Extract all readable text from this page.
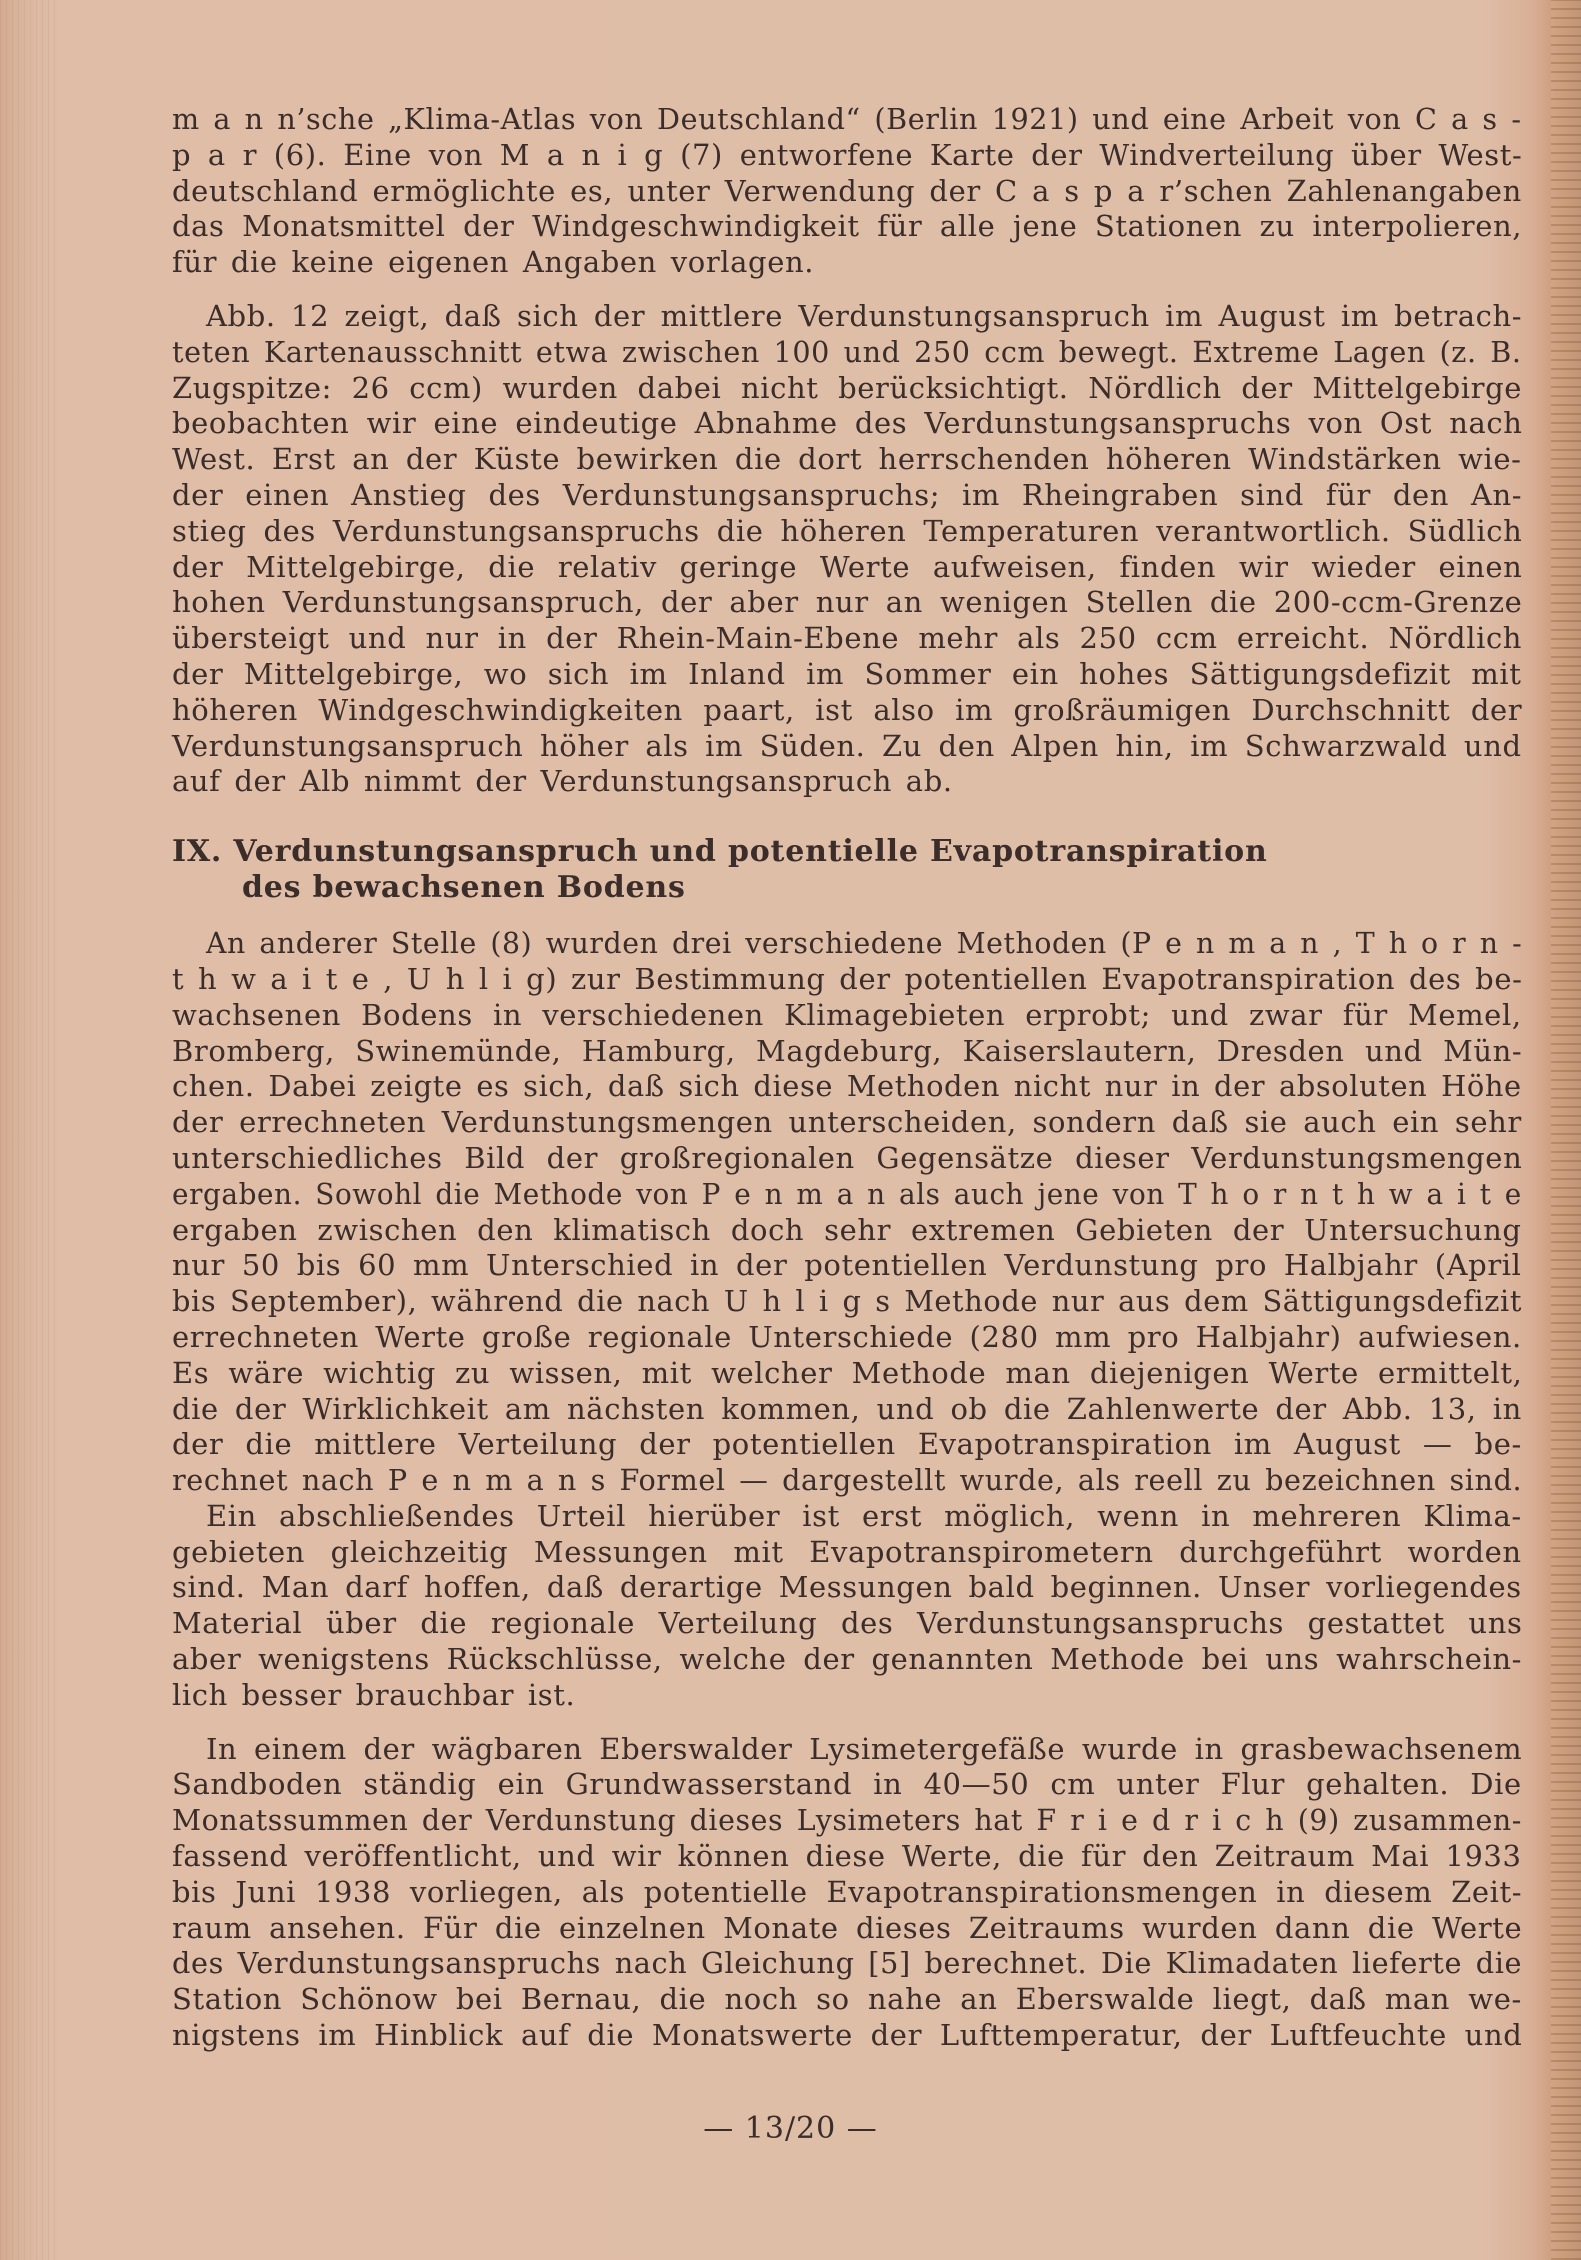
m a n n’sche „Klima-Atlas von Deutschland“ (Berlin 1921) und eine Arbeit von C a s -
p a r (6). Eine von M a n i g (7) entworfene Karte der Windverteilung über West-
deutschland ermöglichte es, unter Verwendung der C a s p a r’schen Zahlenangaben
das Monatsmittel der Windgeschwindigkeit für alle jene Stationen zu interpolieren,
für die keine eigenen Angaben vorlagen.
Abb. 12 zeigt, daß sich der mittlere Verdunstungsanspruch im August im betrach-
teten Kartenausschnitt etwa zwischen 100 und 250 ccm bewegt. Extreme Lagen (z. B.
Zugspitze: 26 ccm) wurden dabei nicht berücksichtigt. Nördlich der Mittelgebirge
beobachten wir eine eindeutige Abnahme des Verdunstungsanspruchs von Ost nach
West. Erst an der Küste bewirken die dort herrschenden höheren Windstärken wie-
der einen Anstieg des Verdunstungsanspruchs; im Rheingraben sind für den An-
stieg des Verdunstungsanspruchs die höheren Temperaturen verantwortlich. Südlich
der Mittelgebirge, die relativ geringe Werte aufweisen, finden wir wieder einen
hohen Verdunstungsanspruch, der aber nur an wenigen Stellen die 200-ccm-Grenze
übersteigt und nur in der Rhein-Main-Ebene mehr als 250 ccm erreicht. Nördlich
der Mittelgebirge, wo sich im Inland im Sommer ein hohes Sättigungsdefizit mit
höheren Windgeschwindigkeiten paart, ist also im großräumigen Durchschnitt der
Verdunstungsanspruch höher als im Süden. Zu den Alpen hin, im Schwarzwald und
auf der Alb nimmt der Verdunstungsanspruch ab.
IX. Verdunstungsanspruch und potentielle Evapotranspiration
des bewachsenen Bodens
An anderer Stelle (8) wurden drei verschiedene Methoden (P e n m a n , T h o r n -
t h w a i t e , U h l i g) zur Bestimmung der potentiellen Evapotranspiration des be-
wachsenen Bodens in verschiedenen Klimagebieten erprobt; und zwar für Memel,
Bromberg, Swinemünde, Hamburg, Magdeburg, Kaiserslautern, Dresden und Mün-
chen. Dabei zeigte es sich, daß sich diese Methoden nicht nur in der absoluten Höhe
der errechneten Verdunstungsmengen unterscheiden, sondern daß sie auch ein sehr
unterschiedliches Bild der großregionalen Gegensätze dieser Verdunstungsmengen
ergaben. Sowohl die Methode von P e n m a n als auch jene von T h o r n t h w a i t e
ergaben zwischen den klimatisch doch sehr extremen Gebieten der Untersuchung
nur 50 bis 60 mm Unterschied in der potentiellen Verdunstung pro Halbjahr (April
bis September), während die nach U h l i g s Methode nur aus dem Sättigungsdefizit
errechneten Werte große regionale Unterschiede (280 mm pro Halbjahr) aufwiesen.
Es wäre wichtig zu wissen, mit welcher Methode man diejenigen Werte ermittelt,
die der Wirklichkeit am nächsten kommen, und ob die Zahlenwerte der Abb. 13, in
der die mittlere Verteilung der potentiellen Evapotranspiration im August — be-
rechnet nach P e n m a n s Formel — dargestellt wurde, als reell zu bezeichnen sind.
Ein abschließendes Urteil hierüber ist erst möglich, wenn in mehreren Klima-
gebieten gleichzeitig Messungen mit Evapotranspirometern durchgeführt worden
sind. Man darf hoffen, daß derartige Messungen bald beginnen. Unser vorliegendes
Material über die regionale Verteilung des Verdunstungsanspruchs gestattet uns
aber wenigstens Rückschlüsse, welche der genannten Methode bei uns wahrschein-
lich besser brauchbar ist.
In einem der wägbaren Eberswalder Lysimetergefäße wurde in grasbewachsenem
Sandboden ständig ein Grundwasserstand in 40—50 cm unter Flur gehalten. Die
Monatssummen der Verdunstung dieses Lysimeters hat F r i e d r i c h (9) zusammen-
fassend veröffentlicht, und wir können diese Werte, die für den Zeitraum Mai 1933
bis Juni 1938 vorliegen, als potentielle Evapotranspirationsmengen in diesem Zeit-
raum ansehen. Für die einzelnen Monate dieses Zeitraums wurden dann die Werte
des Verdunstungsanspruchs nach Gleichung [5] berechnet. Die Klimadaten lieferte die
Station Schönow bei Bernau, die noch so nahe an Eberswalde liegt, daß man we-
nigstens im Hinblick auf die Monatswerte der Lufttemperatur, der Luftfeuchte und
— 13/20 —
